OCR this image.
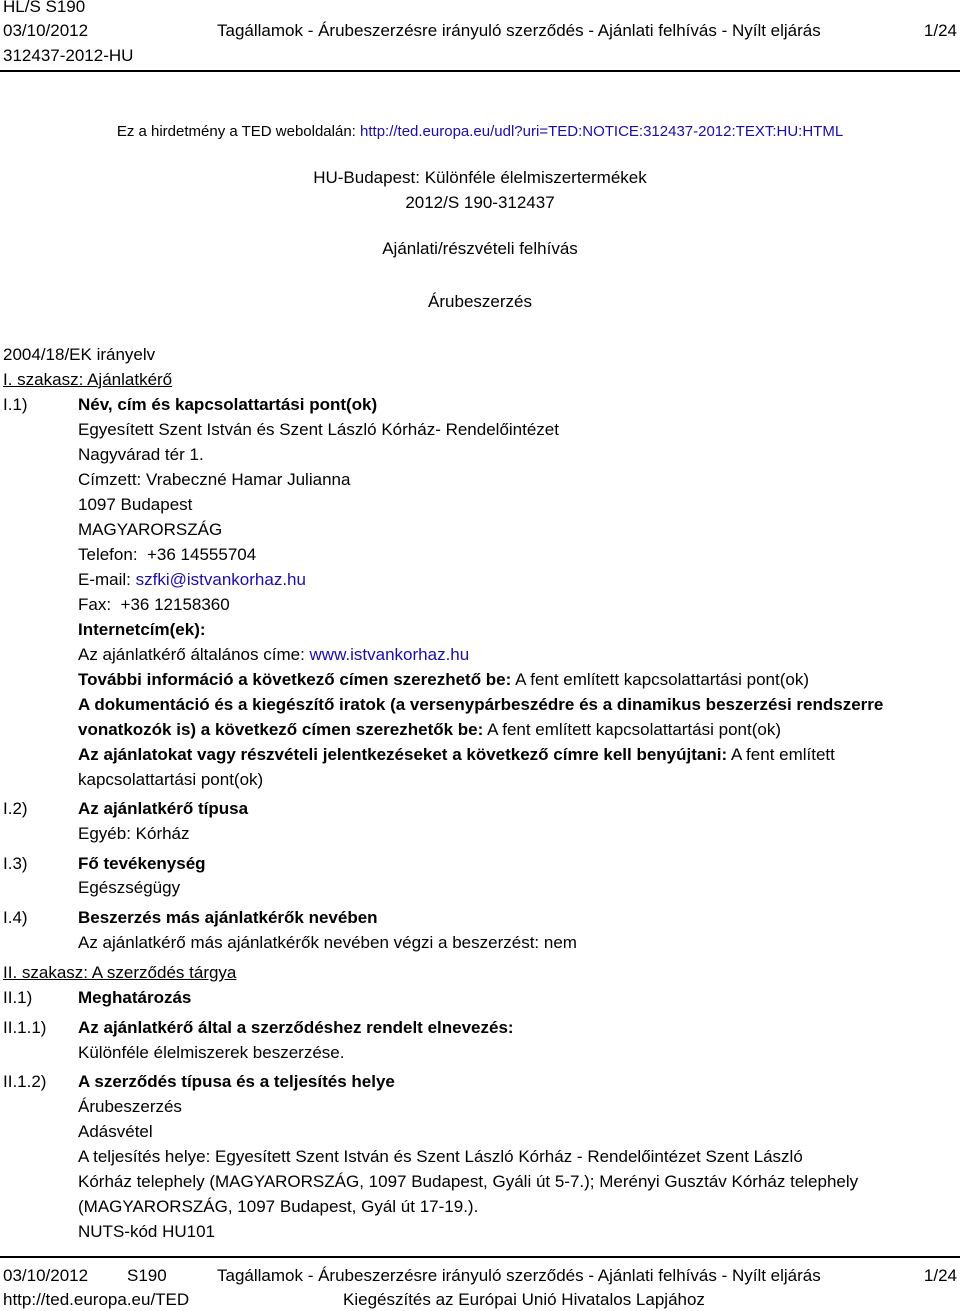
HL/S S190
03/10/2012
312437-2012-HU
Tagállamok - Árubeszerzésre irányuló szerződés - Ajánlati felhívás - Nyílt eljárás	1/24
Ez a hirdetmény a TED weboldalán: http://ted.europa.eu/udl?uri=TED:NOTICE:312437-2012:TEXT:HU:HTML
HU-Budapest: Különféle élelmiszertermékek
2012/S 190-312437
Ajánlati/részvételi felhívás
Árubeszerzés
2004/18/EK irányelv
I. szakasz: Ajánlatkérő
I.1)	Név, cím és kapcsolattartási pont(ok)
Egyesített Szent István és Szent László Kórház- Rendelőintézet
Nagyvárad tér 1.
Címzett: Vrabeczné Hamar Julianna
1097 Budapest
MAGYARORSZÁG
Telefon: +36 14555704
E-mail: szfki@istvankorhaz.hu
Fax: +36 12158360
Internetcím(ek):
Az ajánlatkérő általános címe: www.istvankorhaz.hu
További információ a következő címen szerezhető be: A fent említett kapcsolattartási pont(ok)
A dokumentáció és a kiegészítő iratok (a versenypárbeszédre és a dinamikus beszerzési rendszerre
vonatkozók is) a következő címen szerezhetők be: A fent említett kapcsolattartási pont(ok)
Az ajánlatokat vagy részvételi jelentkezéseket a következő címre kell benyújtani: A fent említett
kapcsolattartási pont(ok)
I.2)	Az ajánlatkérő típusa
Egyéb: Kórház
I.3)	Fő tevékenység
Egészségügy
I.4)	Beszerzés más ajánlatkérők nevében
Az ajánlatkérő más ajánlatkérők nevében végzi a beszerzést: nem
II. szakasz: A szerződés tárgya
II.1)	Meghatározás
II.1.1) Az ajánlatkérő által a szerződéshez rendelt elnevezés:
Különféle élelmiszerek beszerzése.
II.1.2) A szerződés típusa és a teljesítés helye
Árubeszerzés
Adásvétel
A teljesítés helye: Egyesített Szent István és Szent László Kórház - Rendelőintézet Szent László
Kórház telephely (MAGYARORSZÁG, 1097 Budapest, Gyáli út 5-7.); Merényi Gusztáv Kórház telephely
(MAGYARORSZÁG, 1097 Budapest, Gyál út 17-19.).
NUTS-kód HU101
03/10/2012 S190	Tagállamok - Árubeszerzésre irányuló szerződés - Ajánlati felhívás - Nyílt eljárás	1/24
http://ted.europa.eu/TED	Kiegészítés az Európai Unió Hivatalos Lapjához
